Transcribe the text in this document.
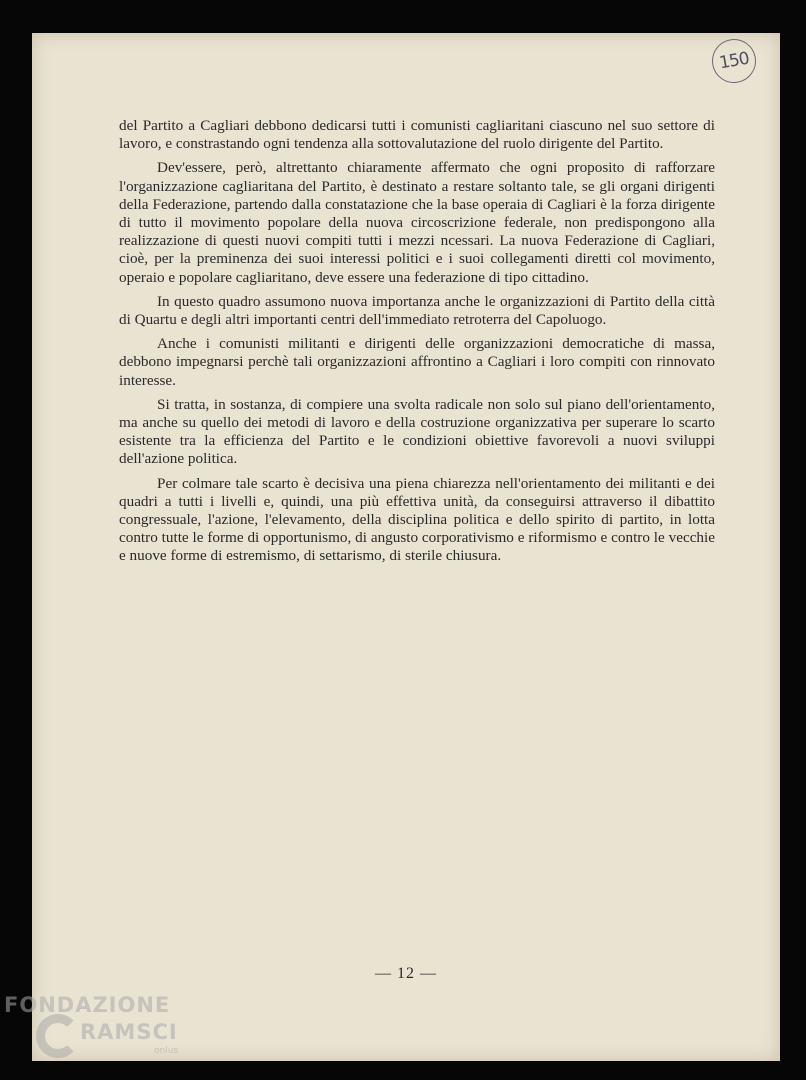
150

del Partito a Cagliari debbono dedicarsi tutti i comunisti cagliaritani ciascuno nel suo settore di lavoro, e constrastando ogni tendenza alla sottovalutazione del ruolo dirigente del Partito.

Dev'essere, però, altrettanto chiaramente affermato che ogni proposito di rafforzare l'organizzazione cagliaritana del Partito, è destinato a restare soltanto tale, se gli organi dirigenti della Federazione, partendo dalla constatazione che la base operaia di Cagliari è la forza dirigente di tutto il movimento popolare della nuova circoscrizione federale, non predispongono alla realizzazione di questi nuovi compiti tutti i mezzi ncessari. La nuova Federazione di Cagliari, cioè, per la preminenza dei suoi interessi politici e i suoi collegamenti diretti col movimento, operaio e popolare cagliaritano, deve essere una federazione di tipo cittadino.

In questo quadro assumono nuova importanza anche le organizzazioni di Partito della città di Quartu e degli altri importanti centri dell'immediato retroterra del Capoluogo.

Anche i comunisti militanti e dirigenti delle organizzazioni democratiche di massa, debbono impegnarsi perchè tali organizzazioni affrontino a Cagliari i loro compiti con rinnovato interesse.

Si tratta, in sostanza, di compiere una svolta radicale non solo sul piano dell'orientamento, ma anche su quello dei metodi di lavoro e della costruzione organizzativa per superare lo scarto esistente tra la efficienza del Partito e le condizioni obiettive favorevoli a nuovi sviluppi dell'azione politica.

Per colmare tale scarto è decisiva una piena chiarezza nell'orientamento dei militanti e dei quadri a tutti i livelli e, quindi, una più effettiva unità, da conseguirsi attraverso il dibattito congressuale, l'azione, l'elevamento, della disciplina politica e dello spirito di partito, in lotta contro tutte le forme di opportunismo, di angusto corporativismo e riformismo e contro le vecchie e nuove forme di estremismo, di settarismo, di sterile chiusura.

— 12 —
FONDAZIONE
RAMSCI
onlus
